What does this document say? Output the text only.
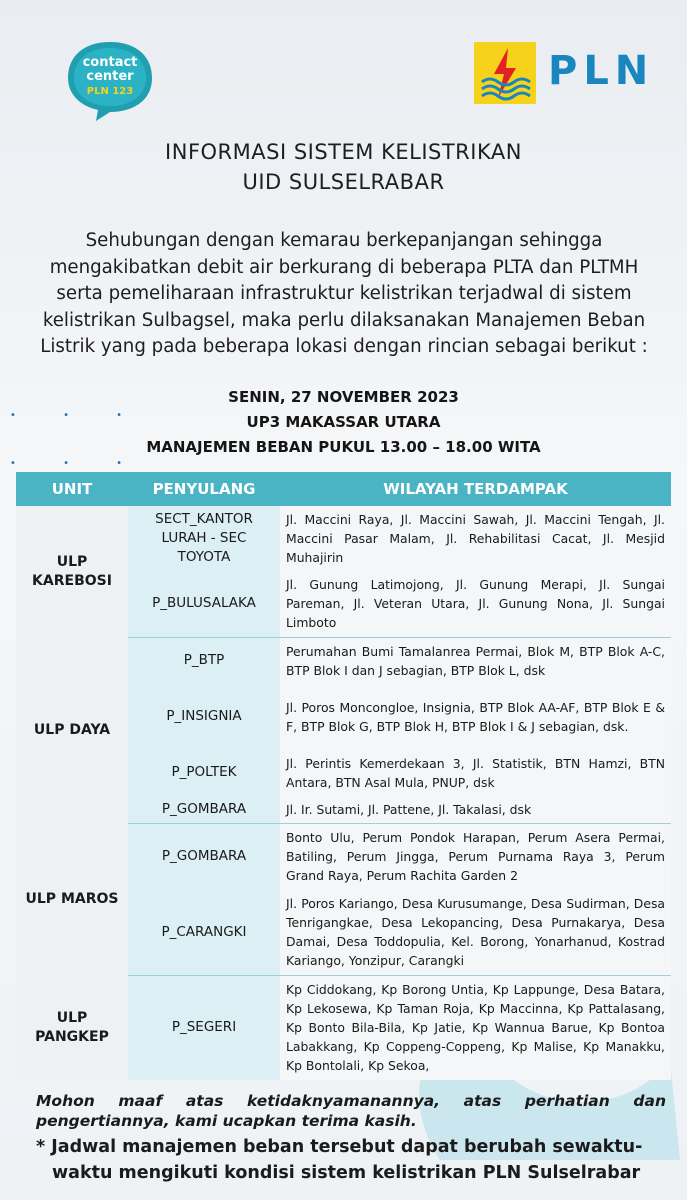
contact
center
PLN 123	PLN
INFORMASI SISTEM KELISTRIKAN
UID SULSELRABAR
Sehubungan dengan kemarau berkepanjangan sehingga
mengakibatkan debit air berkurang di beberapa PLTA dan PLTMH
serta pemeliharaan infrastruktur kelistrikan terjadwal di sistem
kelistrikan Sulbagsel, maka perlu dilaksanakan Manajemen Beban
Listrik yang pada beberapa lokasi dengan rincian sebagai berikut :
SENIN, 27 NOVEMBER 2023
UP3 MAKASSAR UTARA
MANAJEMEN BEBAN PUKUL 13.00 – 18.00 WITA
• • •
• • •
UNIT	PENYULANG	WILAYAH TERDAMPAK
ULP KAREBOSI	SECT_KANTOR LURAH - SEC TOYOTA	Jl. Maccini Raya, Jl. Maccini Sawah, Jl. Maccini Tengah, Jl. Maccini Pasar Malam, Jl. Rehabilitasi Cacat, Jl. Mesjid Muhajirin
	P_BULUSALAKA	Jl. Gunung Latimojong, Jl. Gunung Merapi, Jl. Sungai Pareman, Jl. Veteran Utara, Jl. Gunung Nona, Jl. Sungai Limboto
ULP DAYA	P_BTP	Perumahan Bumi Tamalanrea Permai, Blok M, BTP Blok A-C, BTP Blok I dan J sebagian, BTP Blok L, dsk
	P_INSIGNIA	Jl. Poros Moncongloe, Insignia, BTP Blok AA-AF, BTP Blok E & F, BTP Blok G, BTP Blok H, BTP Blok I & J sebagian, dsk.
	P_POLTEK	Jl. Perintis Kemerdekaan 3, Jl. Statistik, BTN Hamzi, BTN Antara, BTN Asal Mula, PNUP, dsk
	P_GOMBARA	Jl. Ir. Sutami, Jl. Pattene, Jl. Takalasi, dsk
ULP MAROS	P_GOMBARA	Bonto Ulu, Perum Pondok Harapan, Perum Asera Permai, Batiling, Perum Jingga, Perum Purnama Raya 3, Perum Grand Raya, Perum Rachita Garden 2
	P_CARANGKI	Jl. Poros Kariango, Desa Kurusumange, Desa Sudirman, Desa Tenrigangkae, Desa Lekopancing, Desa Purnakarya, Desa Damai, Desa Toddopulia, Kel. Borong, Yonarhanud, Kostrad Kariango, Yonzipur, Carangki
ULP PANGKEP	P_SEGERI	Kp Ciddokang, Kp Borong Untia, Kp Lappunge, Desa Batara, Kp Lekosewa, Kp Taman Roja, Kp Maccinna, Kp Pattalasang, Kp Bonto Bila-Bila, Kp Jatie, Kp Wannua Barue, Kp Bontoa Labakkang, Kp Coppeng-Coppeng, Kp Malise, Kp Manakku, Kp Bontolali, Kp Sekoa,
Mohon maaf atas ketidaknyamanannya, atas perhatian dan
pengertiannya, kami ucapkan terima kasih.
* Jadwal manajemen beban tersebut dapat berubah sewaktu-
waktu mengikuti kondisi sistem kelistrikan PLN Sulselrabar
